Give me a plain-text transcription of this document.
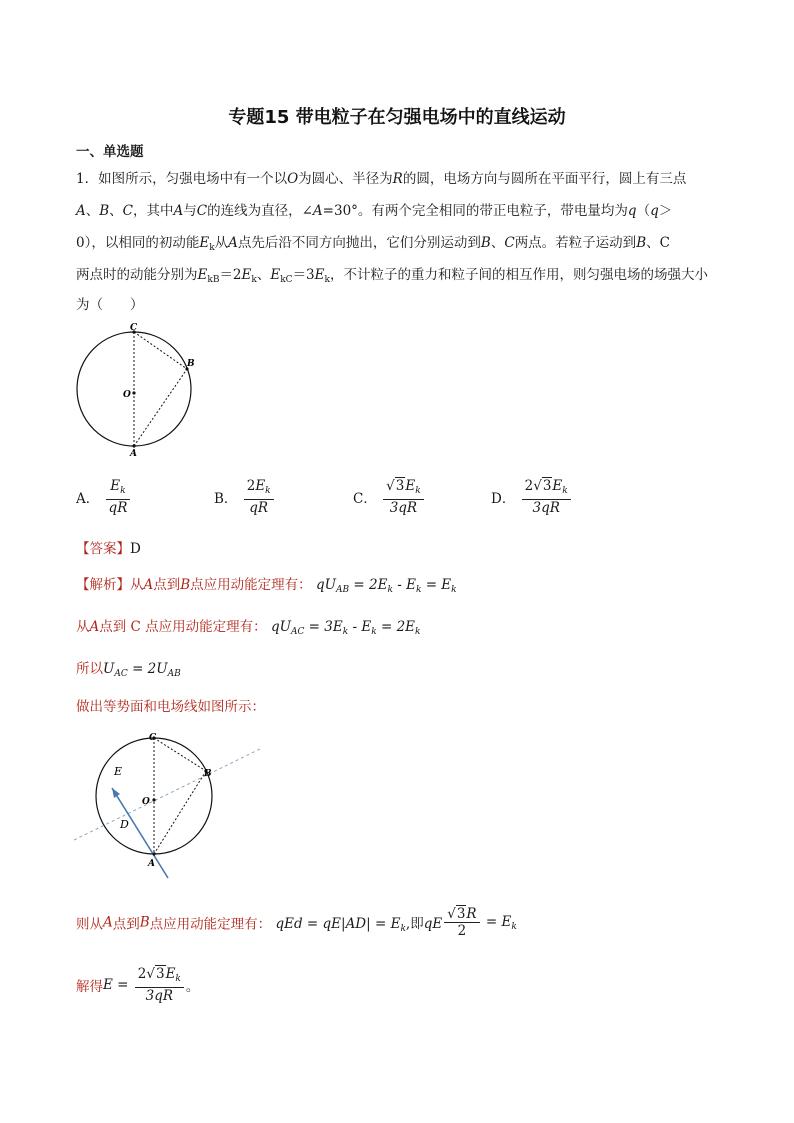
专题15 带电粒子在匀强电场中的直线运动
一、单选题
1．如图所示，匀强电场中有一个以O为圆心、半径为R的圆，电场方向与圆所在平面平行，圆上有三点
A、B、C，其中A与C的连线为直径，∠A=30°。有两个完全相同的带正电粒子，带电量均为q（q＞
0），以相同的初动能$E_k$从A点先后沿不同方向抛出，它们分别运动到B、C两点。若粒子运动到B、C
两点时的动能分别为$E_{kB}=2E_k$、$E_{kC}=3E_k$，不计粒子的重力和粒子间的相互作用，则匀强电场的场强大小
为（　　）
C
B
O
A
A． $\frac{E_k}{qR}$	B． $\frac{2E_k}{qR}$	C． $\frac{√3E_k}{3qR}$	D． $\frac{2√3E_k}{3qR}$
【答案】D
【解析】从A点到B点应用动能定理有： $qU_{AB} = 2E_k - E_k = E_k$
从A点到 C 点应用动能定理有： $qU_{AC} = 3E_k - E_k = 2E_k$
所以$U_{AC} = 2U_{AB}$
做出等势面和电场线如图所示：
C
B
E
O
D
A
则从A点到B点应用动能定理有： qEd = $qE|AD| = E_k$,即qE $\frac{√3R}{2} = E_k$
解得$E = \frac{2√3E_k}{3qR}$ 。
